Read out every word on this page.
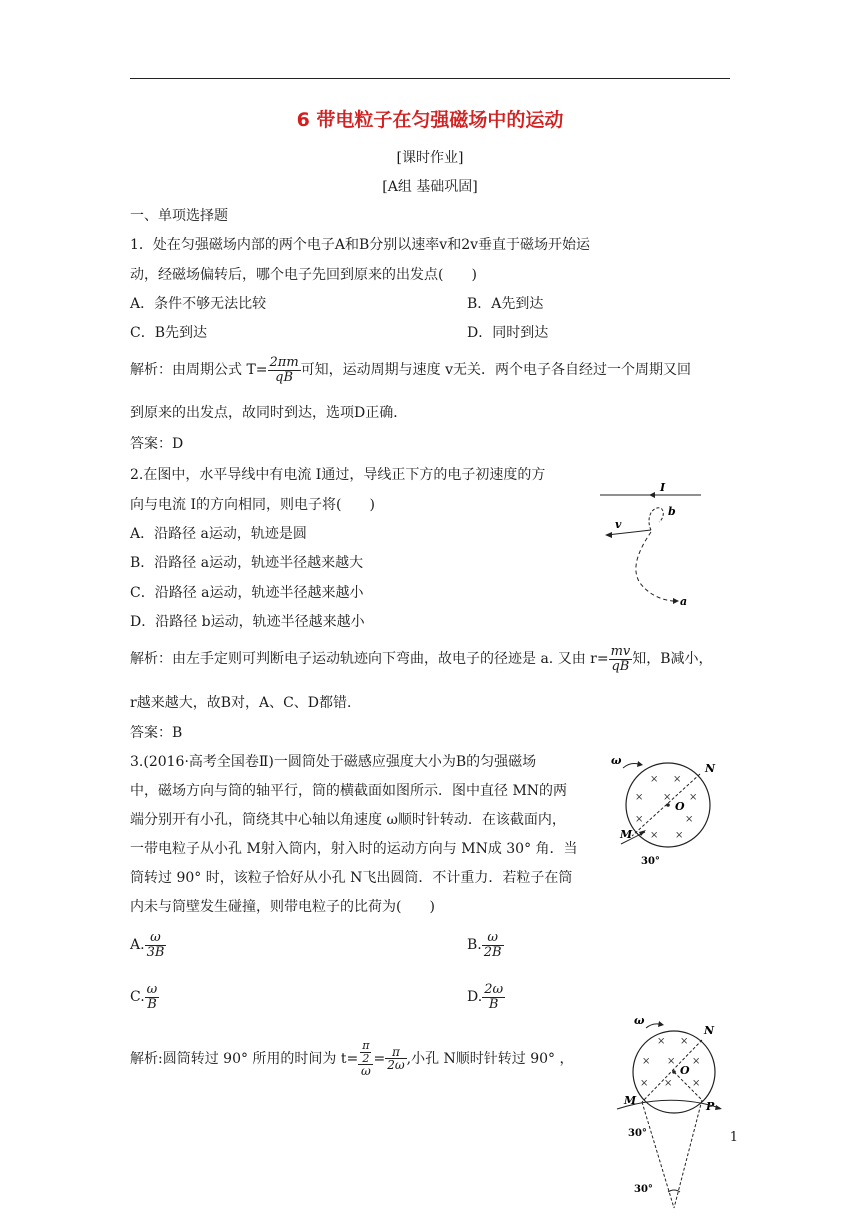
6 带电粒子在匀强磁场中的运动
[课时作业]
[A组 基础巩固]
一、单项选择题
1．处在匀强磁场内部的两个电子A和B分别以速率v和2v垂直于磁场开始运
动，经磁场偏转后，哪个电子先回到原来的出发点(　　)
A．条件不够无法比较	B．A先到达
C．B先到达	D．同时到达
解析：由周期公式 $T= \frac{2\pi m}{qB}$ 可知，运动周期与速度 v无关．两个电子各自经过一个周期又回
到原来的出发点，故同时到达，选项D正确．
答案：D
2.在图中，水平导线中有电流 I通过，导线正下方的电子初速度的方
向与电流 I的方向相同，则电子将(　　)
A．沿路径 a运动，轨迹是圆
B．沿路径 a运动，轨迹半径越来越大
C．沿路径 a运动，轨迹半径越来越小
D．沿路径 b运动，轨迹半径越来越小
I
b
v
a
解析：由左手定则可判断电子运动轨迹向下弯曲，故电子的径迹是 a. 又由 $r= \frac{mv}{qB}$ 知，B减小，
r越来越大，故B对，A、C、D都错．
答案：B
3.(2016·高考全国卷Ⅱ)一圆筒处于磁感应强度大小为B的匀强磁场
中，磁场方向与筒的轴平行，筒的横截面如图所示．图中直径 MN的两
端分别开有小孔，筒绕其中心轴以角速度 ω顺时针转动．在该截面内，
一带电粒子从小孔 M射入筒内，射入时的运动方向与 MN成 30° 角．当
筒转过 90° 时，该粒子恰好从小孔 N飞出圆筒．不计重力．若粒子在筒
内未与筒壁发生碰撞，则带电粒子的比荷为(　　)
ω
N
× ×
× × ×
×	×
× ×
O
M
30°
A. $\frac{\omega}{3B}$	B. $\frac{\omega}{2B}$
C. $\frac{\omega}{B}$	D. $\frac{2\omega}{B}$
解析:圆筒转过 90° 所用的时间为 $t= \frac{\frac{\pi}{2}}{\omega} = \frac{\pi}{2\omega}$ ,小孔 N顺时针转过 90° ，
ω
N
× ×
× × ×
× × ×
O
M	P
30°
30°
1
